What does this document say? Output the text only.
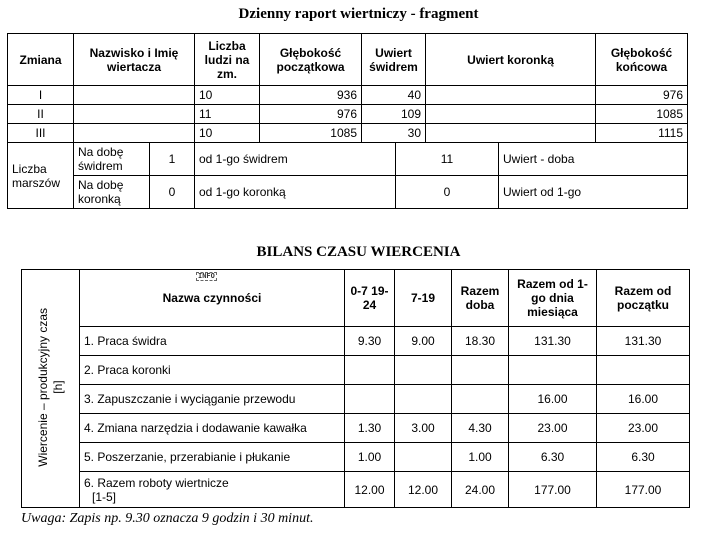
Dzienny raport wiertniczy - fragment
Zmiana	Nazwisko i Imię wiertacza		Liczba ludzi na zm.	Głębokość początkowa	Uwiert świdrem		Uwiert koronką		Głębokość końcowa	
I			10	936	40				976	
II			11	976	109				1085	
III			10	1085	30				1115	
Liczba marszów	Na dobę świdrem	1	od 1-go świdrem			11		Uwiert - doba	
	Na dobę koronką	0	od 1-go koronką			0		Uwiert od 1-go	
BILANS CZASU WIERCENIA
Wiercenie – produkcyjny czas
[h]	INFO
Nazwa czynności	0-7 19-24	7-19	Razem doba	Razem od 1-go dnia miesiąca	Razem od początku
	1. Praca świdra	9.30	9.00	18.30	131.30	131.30
	2. Praca koronki					
	3. Zapuszczanie i wyciąganie przewodu				16.00	16.00
	4. Zmiana narzędzia i dodawanie kawałka	1.30	3.00	4.30	23.00	23.00
	5. Poszerzanie, przerabianie i płukanie	1.00		1.00	6.30	6.30
	6. Razem roboty wiertnicze
[1-5]	12.00	12.00	24.00	177.00	177.00
Uwaga: Zapis np. 9.30 oznacza 9 godzin i 30 minut.
